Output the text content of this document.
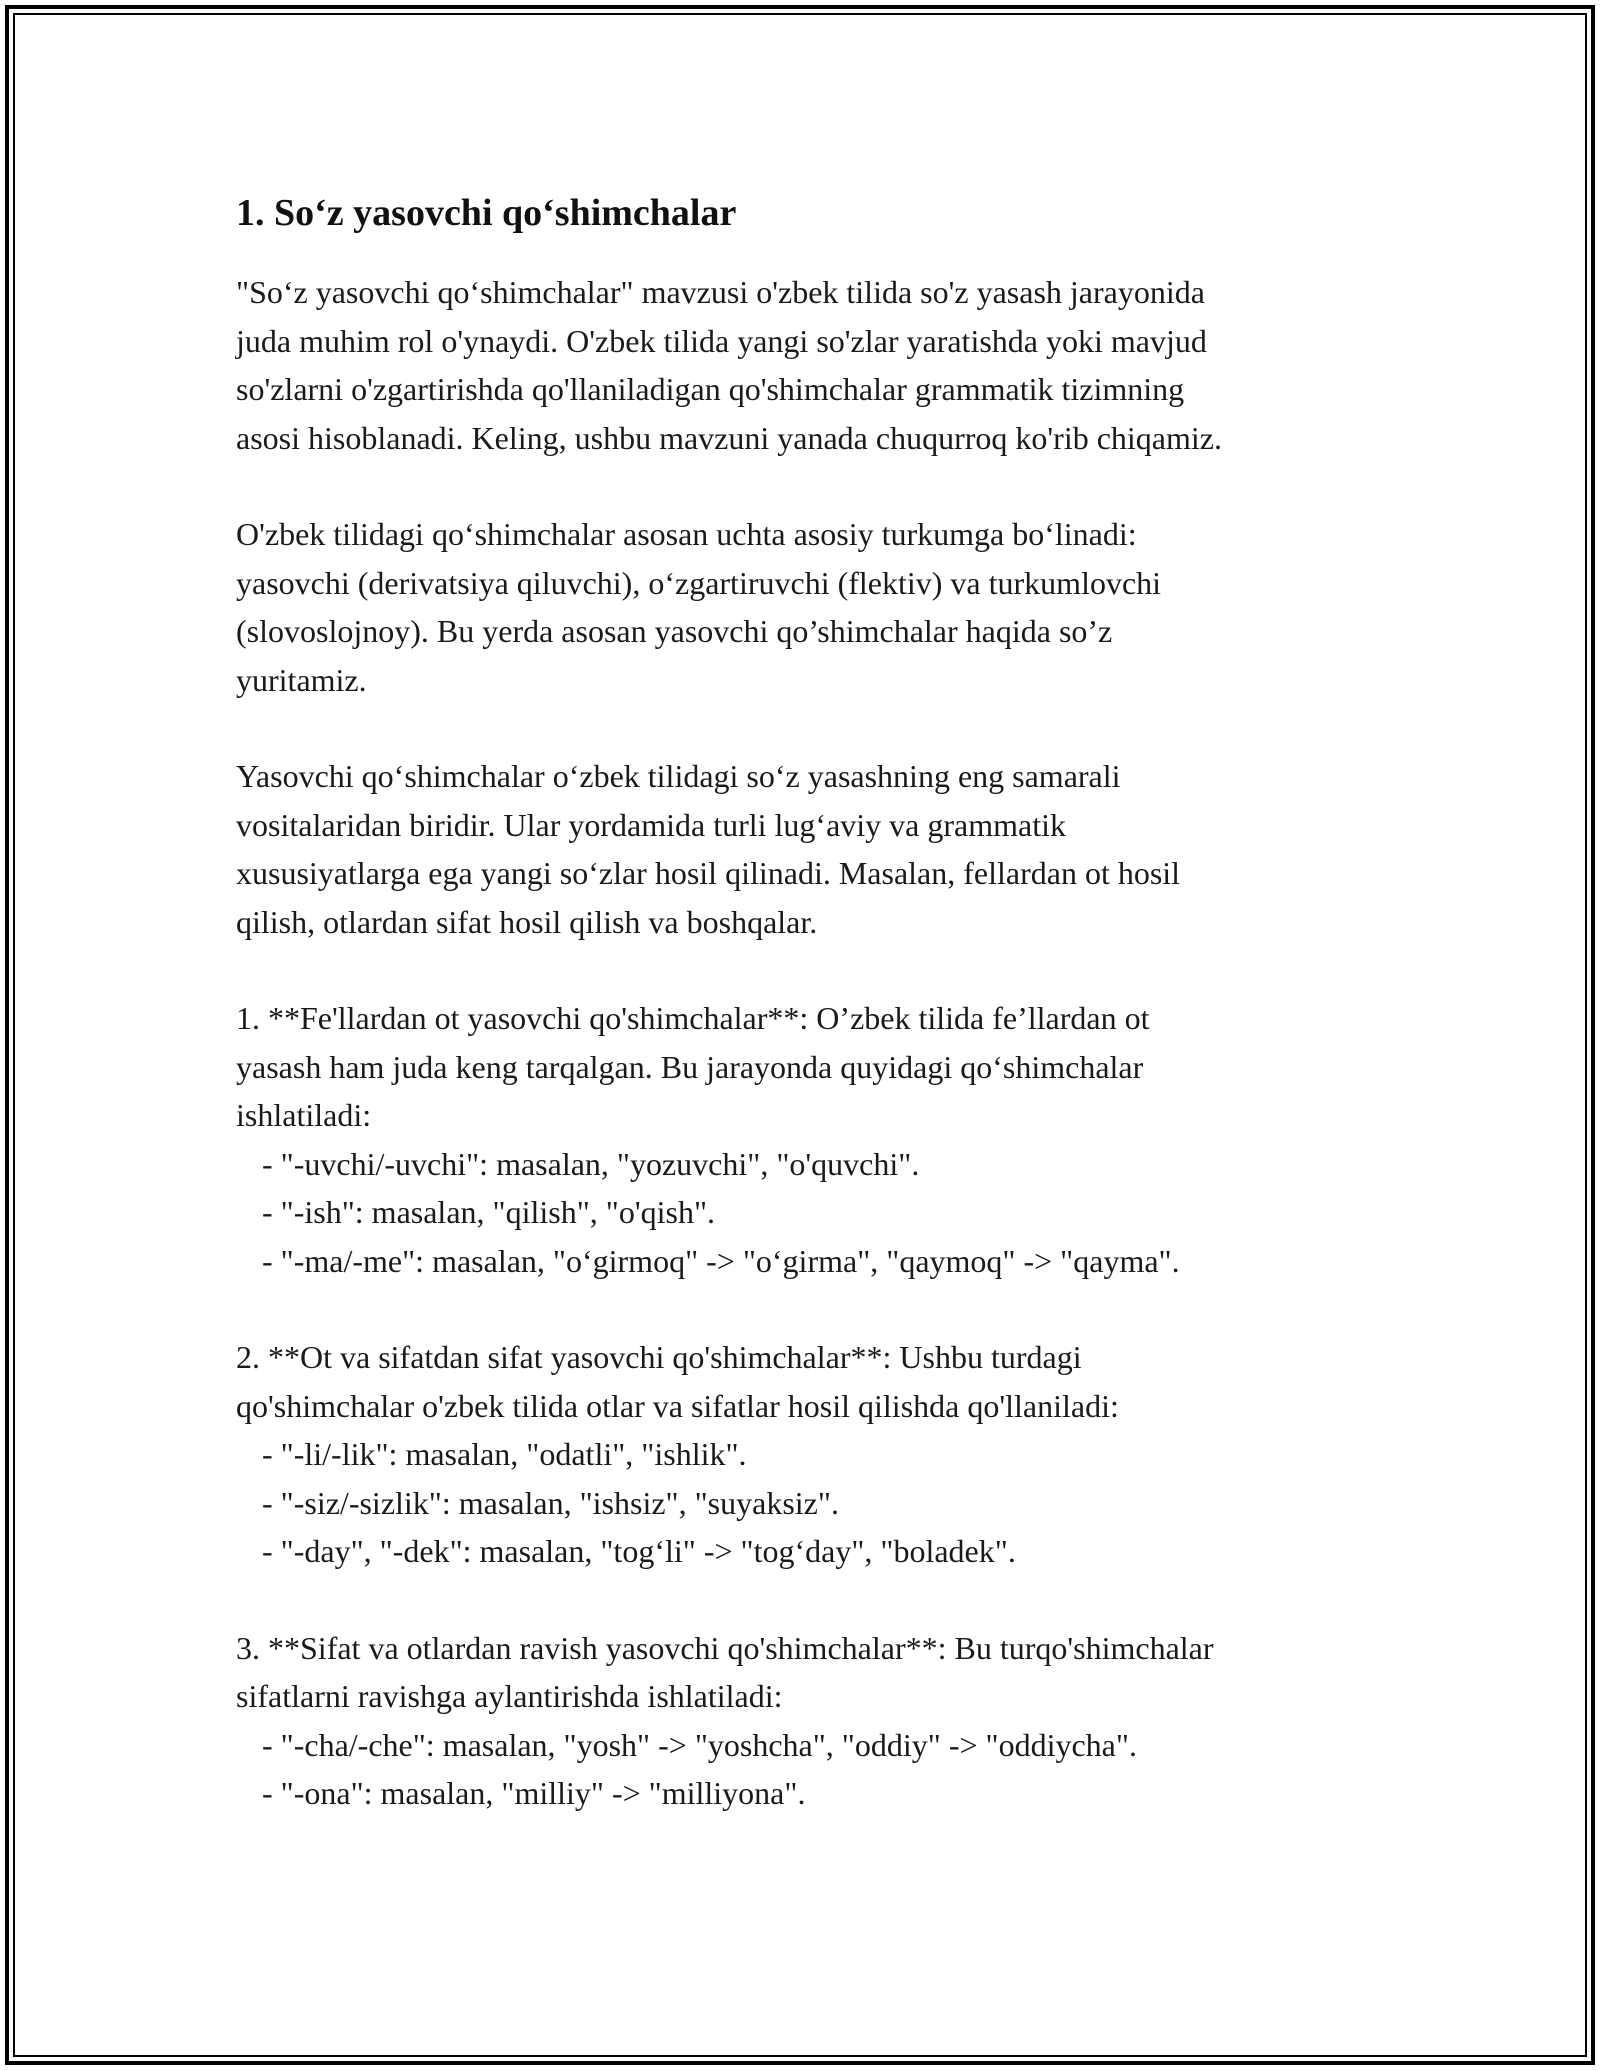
1. So‘z yasovchi qo‘shimchalar

"So‘z yasovchi qo‘shimchalar" mavzusi o'zbek tilida so'z yasash jarayonida
juda muhim rol o'ynaydi. O'zbek tilida yangi so'zlar yaratishda yoki mavjud
so'zlarni o'zgartirishda qo'llaniladigan qo'shimchalar grammatik tizimning
asosi hisoblanadi. Keling, ushbu mavzuni yanada chuqurroq ko'rib chiqamiz.

O'zbek tilidagi qo‘shimchalar asosan uchta asosiy turkumga bo‘linadi:
yasovchi (derivatsiya qiluvchi), o‘zgartiruvchi (flektiv) va turkumlovchi
(slovoslojnoy). Bu yerda asosan yasovchi qo’shimchalar haqida so’z
yuritamiz.

Yasovchi qo‘shimchalar o‘zbek tilidagi so‘z yasashning eng samarali
vositalaridan biridir. Ular yordamida turli lug‘aviy va grammatik
xususiyatlarga ega yangi so‘zlar hosil qilinadi. Masalan, fellardan ot hosil
qilish, otlardan sifat hosil qilish va boshqalar.

1. **Fe'llardan ot yasovchi qo'shimchalar**: O’zbek tilida fe’llardan ot
yasash ham juda keng tarqalgan. Bu jarayonda quyidagi qo‘shimchalar
ishlatiladi:

- "-uvchi/-uvchi": masalan, "yozuvchi", "o'quvchi".
- "-ish": masalan, "qilish", "o'qish".
- "-ma/-me": masalan, "o‘girmoq" -> "o‘girma", "qaymoq" -> "qayma".

2. **Ot va sifatdan sifat yasovchi qo'shimchalar**: Ushbu turdagi
qo'shimchalar o'zbek tilida otlar va sifatlar hosil qilishda qo'llaniladi:

- "-li/-lik": masalan, "odatli", "ishlik".
- "-siz/-sizlik": masalan, "ishsiz", "suyaksiz".
- "-day", "-dek": masalan, "tog‘li" -> "tog‘day", "boladek".

3. **Sifat va otlardan ravish yasovchi qo'shimchalar**: Bu turqo'shimchalar
sifatlarni ravishga aylantirishda ishlatiladi:

- "-cha/-che": masalan, "yosh" -> "yoshcha", "oddiy" -> "oddiycha".
- "-ona": masalan, "milliy" -> "milliyona".
